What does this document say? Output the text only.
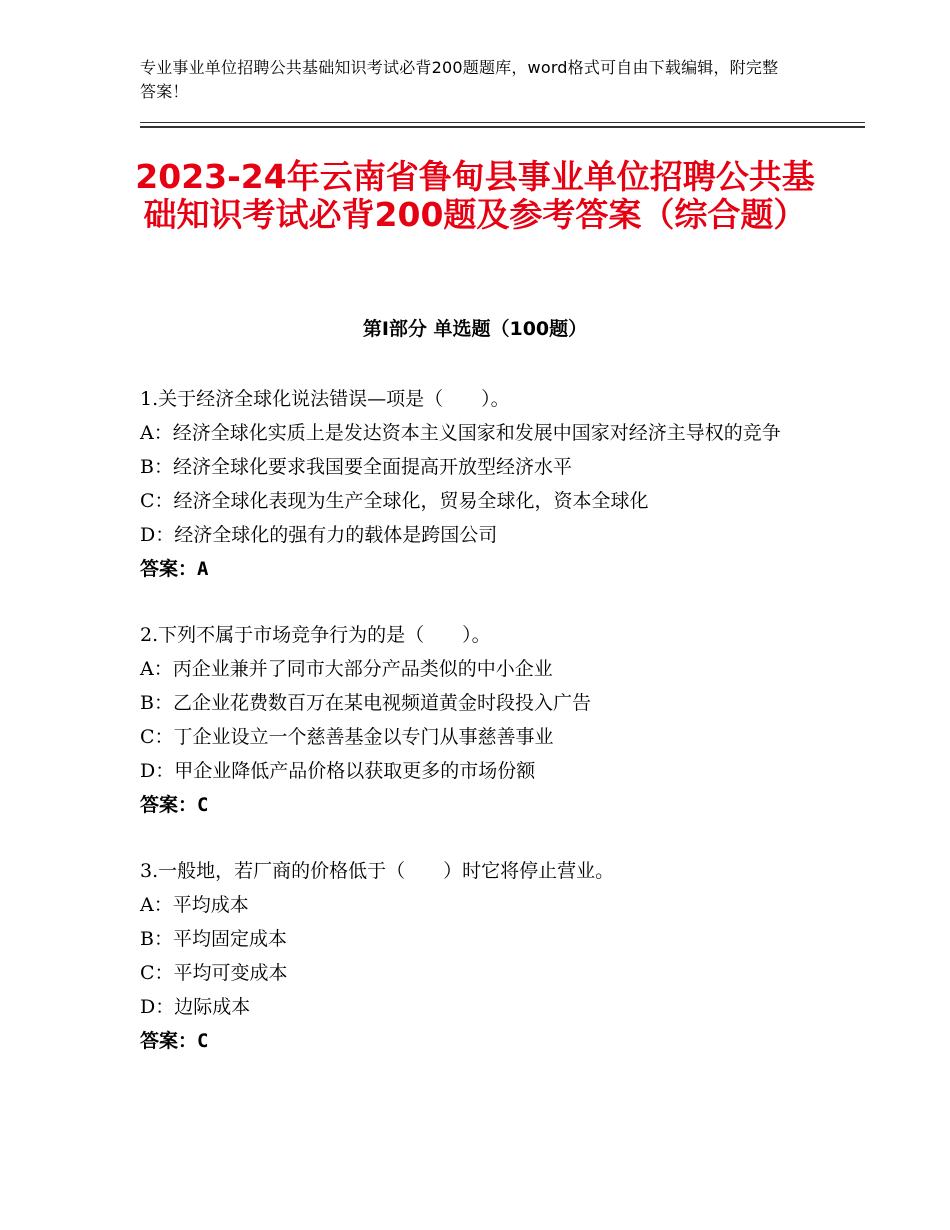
专业事业单位招聘公共基础知识考试必背200题题库，word格式可自由下载编辑，附完整答案！
2023-24年云南省鲁甸县事业单位招聘公共基础知识考试必背200题及参考答案（综合题）
第Ⅰ部分 单选题（100题）
1.关于经济全球化说法错误—项是（　　）。
A：经济全球化实质上是发达资本主义国家和发展中国家对经济主导权的竞争
B：经济全球化要求我国要全面提高开放型经济水平
C：经济全球化表现为生产全球化，贸易全球化，资本全球化
D：经济全球化的强有力的载体是跨国公司
答案：A
2.下列不属于市场竞争行为的是（　　）。
A：丙企业兼并了同市大部分产品类似的中小企业
B：乙企业花费数百万在某电视频道黄金时段投入广告
C：丁企业设立一个慈善基金以专门从事慈善事业
D：甲企业降低产品价格以获取更多的市场份额
答案：C
3.一般地，若厂商的价格低于（　　）时它将停止营业。
A：平均成本
B：平均固定成本
C：平均可变成本
D：边际成本
答案：C
